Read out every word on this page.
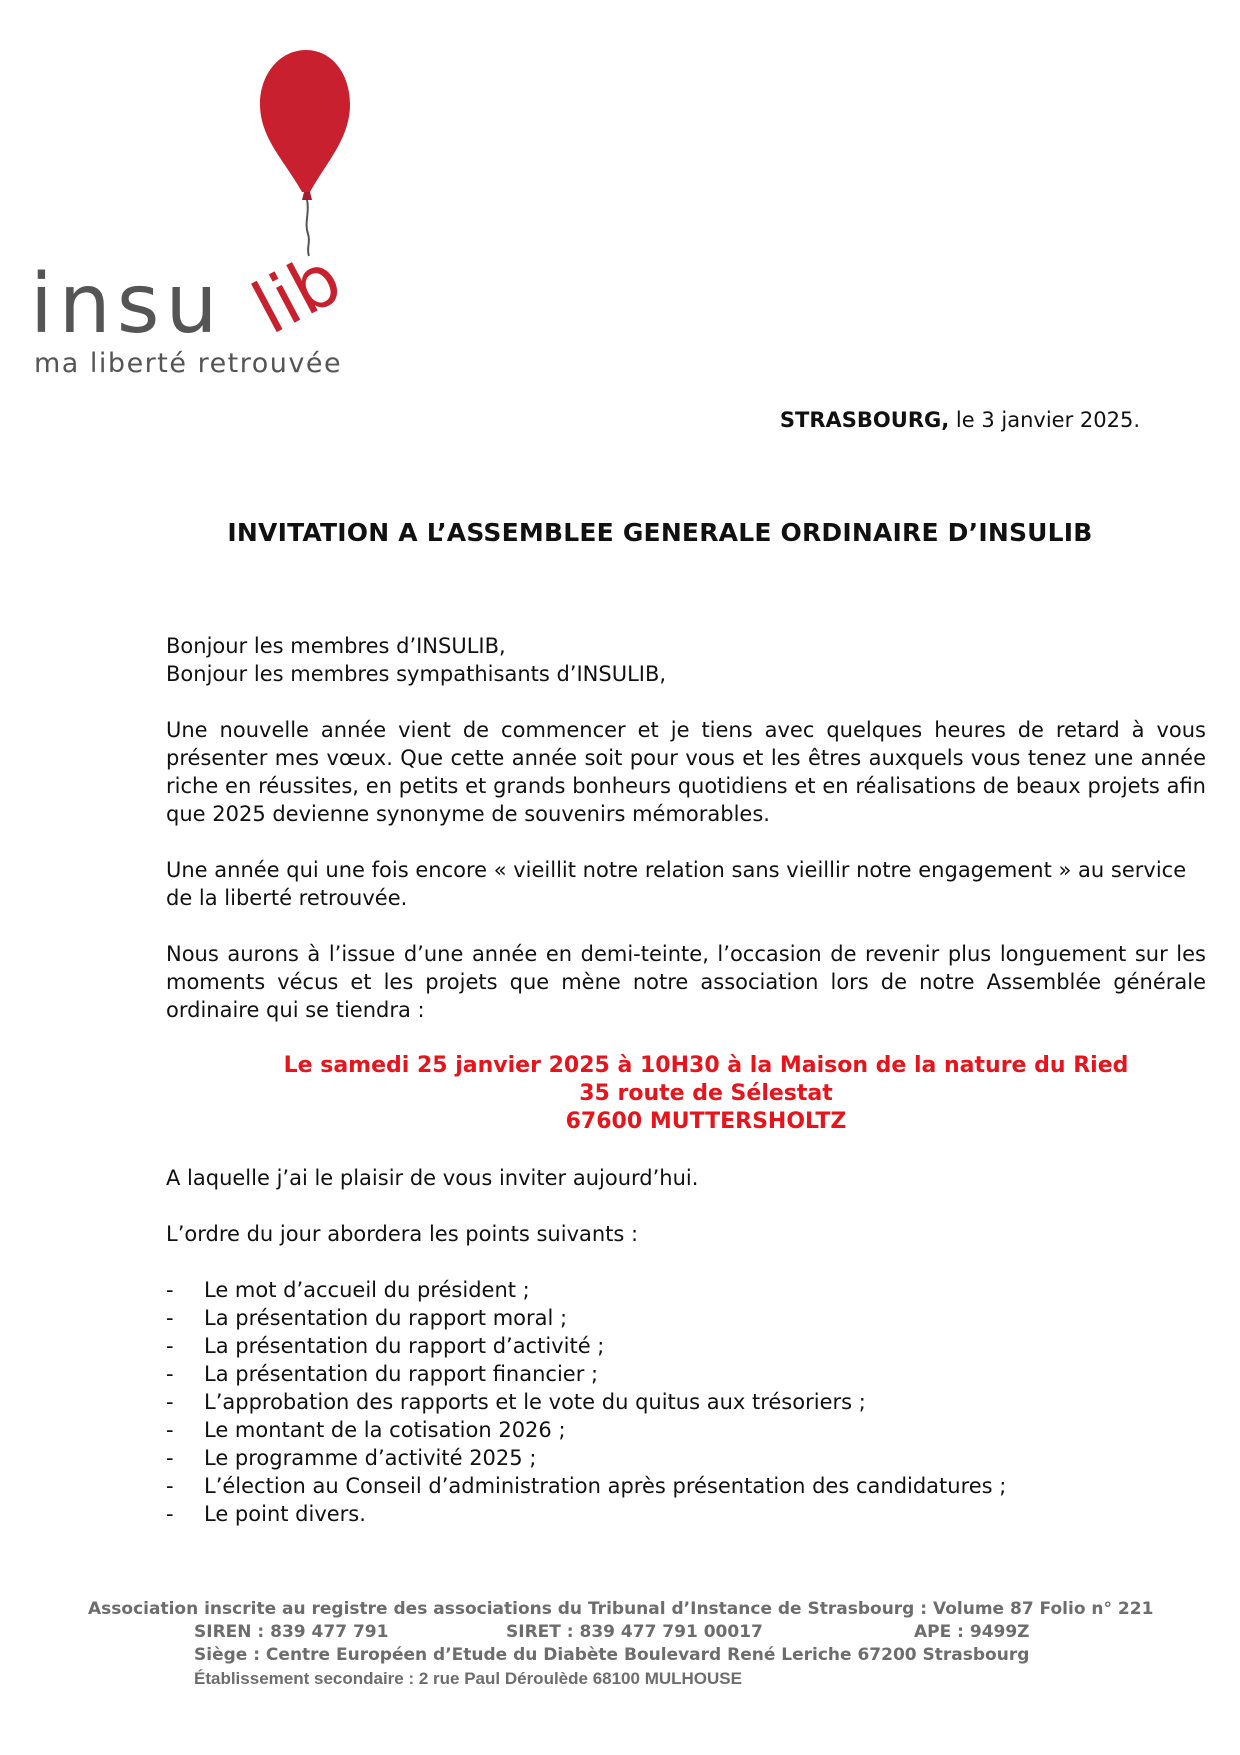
insu lib
ma liberté retrouvée
STRASBOURG, le 3 janvier 2025.
INVITATION A L’ASSEMBLEE GENERALE ORDINAIRE D’INSULIB

Bonjour les membres d’INSULIB,

Bonjour les membres sympathisants d’INSULIB,

Une nouvelle année vient de commencer et je tiens avec quelques heures de retard à vous présenter mes vœux. Que cette année soit pour vous et les êtres auxquels vous tenez une année riche en réussites, en petits et grands bonheurs quotidiens et en réalisations de beaux projets afin que 2025 devienne synonyme de souvenirs mémorables.

Une année qui une fois encore « vieillit notre relation sans vieillir notre engagement » au service de la liberté retrouvée.

Nous aurons à l’issue d’une année en demi-teinte, l’occasion de revenir plus longuement sur les moments vécus et les projets que mène notre association lors de notre Assemblée générale ordinaire qui se tiendra :

Le samedi 25 janvier 2025 à 10H30 à la Maison de la nature du Ried
35 route de Sélestat
67600 MUTTERSHOLTZ

A laquelle j’ai le plaisir de vous inviter aujourd’hui.

L’ordre du jour abordera les points suivants :

- Le mot d’accueil du président ;
- La présentation du rapport moral ;
- La présentation du rapport d’activité ;
- La présentation du rapport financier ;
- L’approbation des rapports et le vote du quitus aux trésoriers ;
- Le montant de la cotisation 2026 ;
- Le programme d’activité 2025 ;
- L’élection au Conseil d’administration après présentation des candidatures ;
- Le point divers.
Association inscrite au registre des associations du Tribunal d’Instance de Strasbourg : Volume 87 Folio n° 221
SIREN : 839 477 791	SIRET : 839 477 791 00017	APE : 9499Z
Siège : Centre Européen d’Etude du Diabète Boulevard René Leriche 67200 Strasbourg
Établissement secondaire : 2 rue Paul Déroulède 68100 MULHOUSE
